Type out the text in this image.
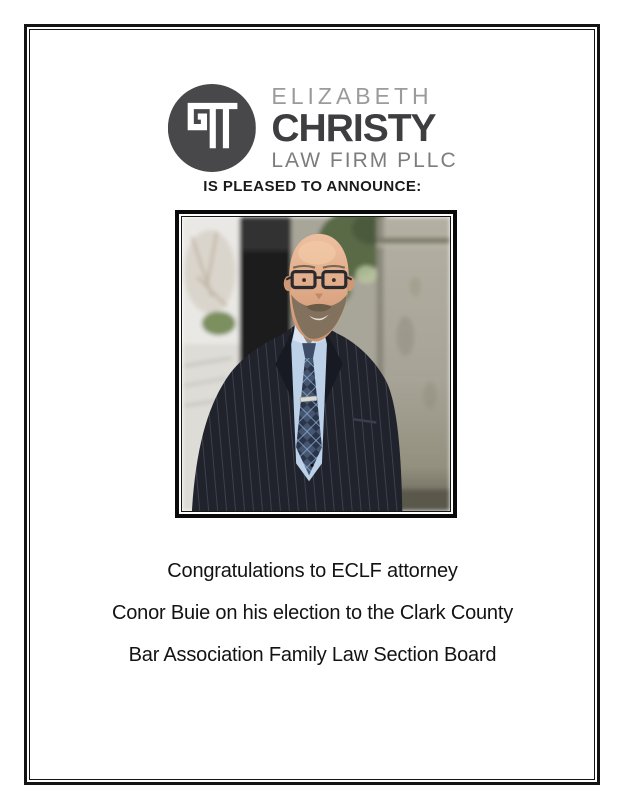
ELIZABETH
CHRISTY
LAW FIRM PLLC
IS PLEASED TO ANNOUNCE:
Congratulations to ECLF attorney
Conor Buie on his election to the Clark County
Bar Association Family Law Section Board
